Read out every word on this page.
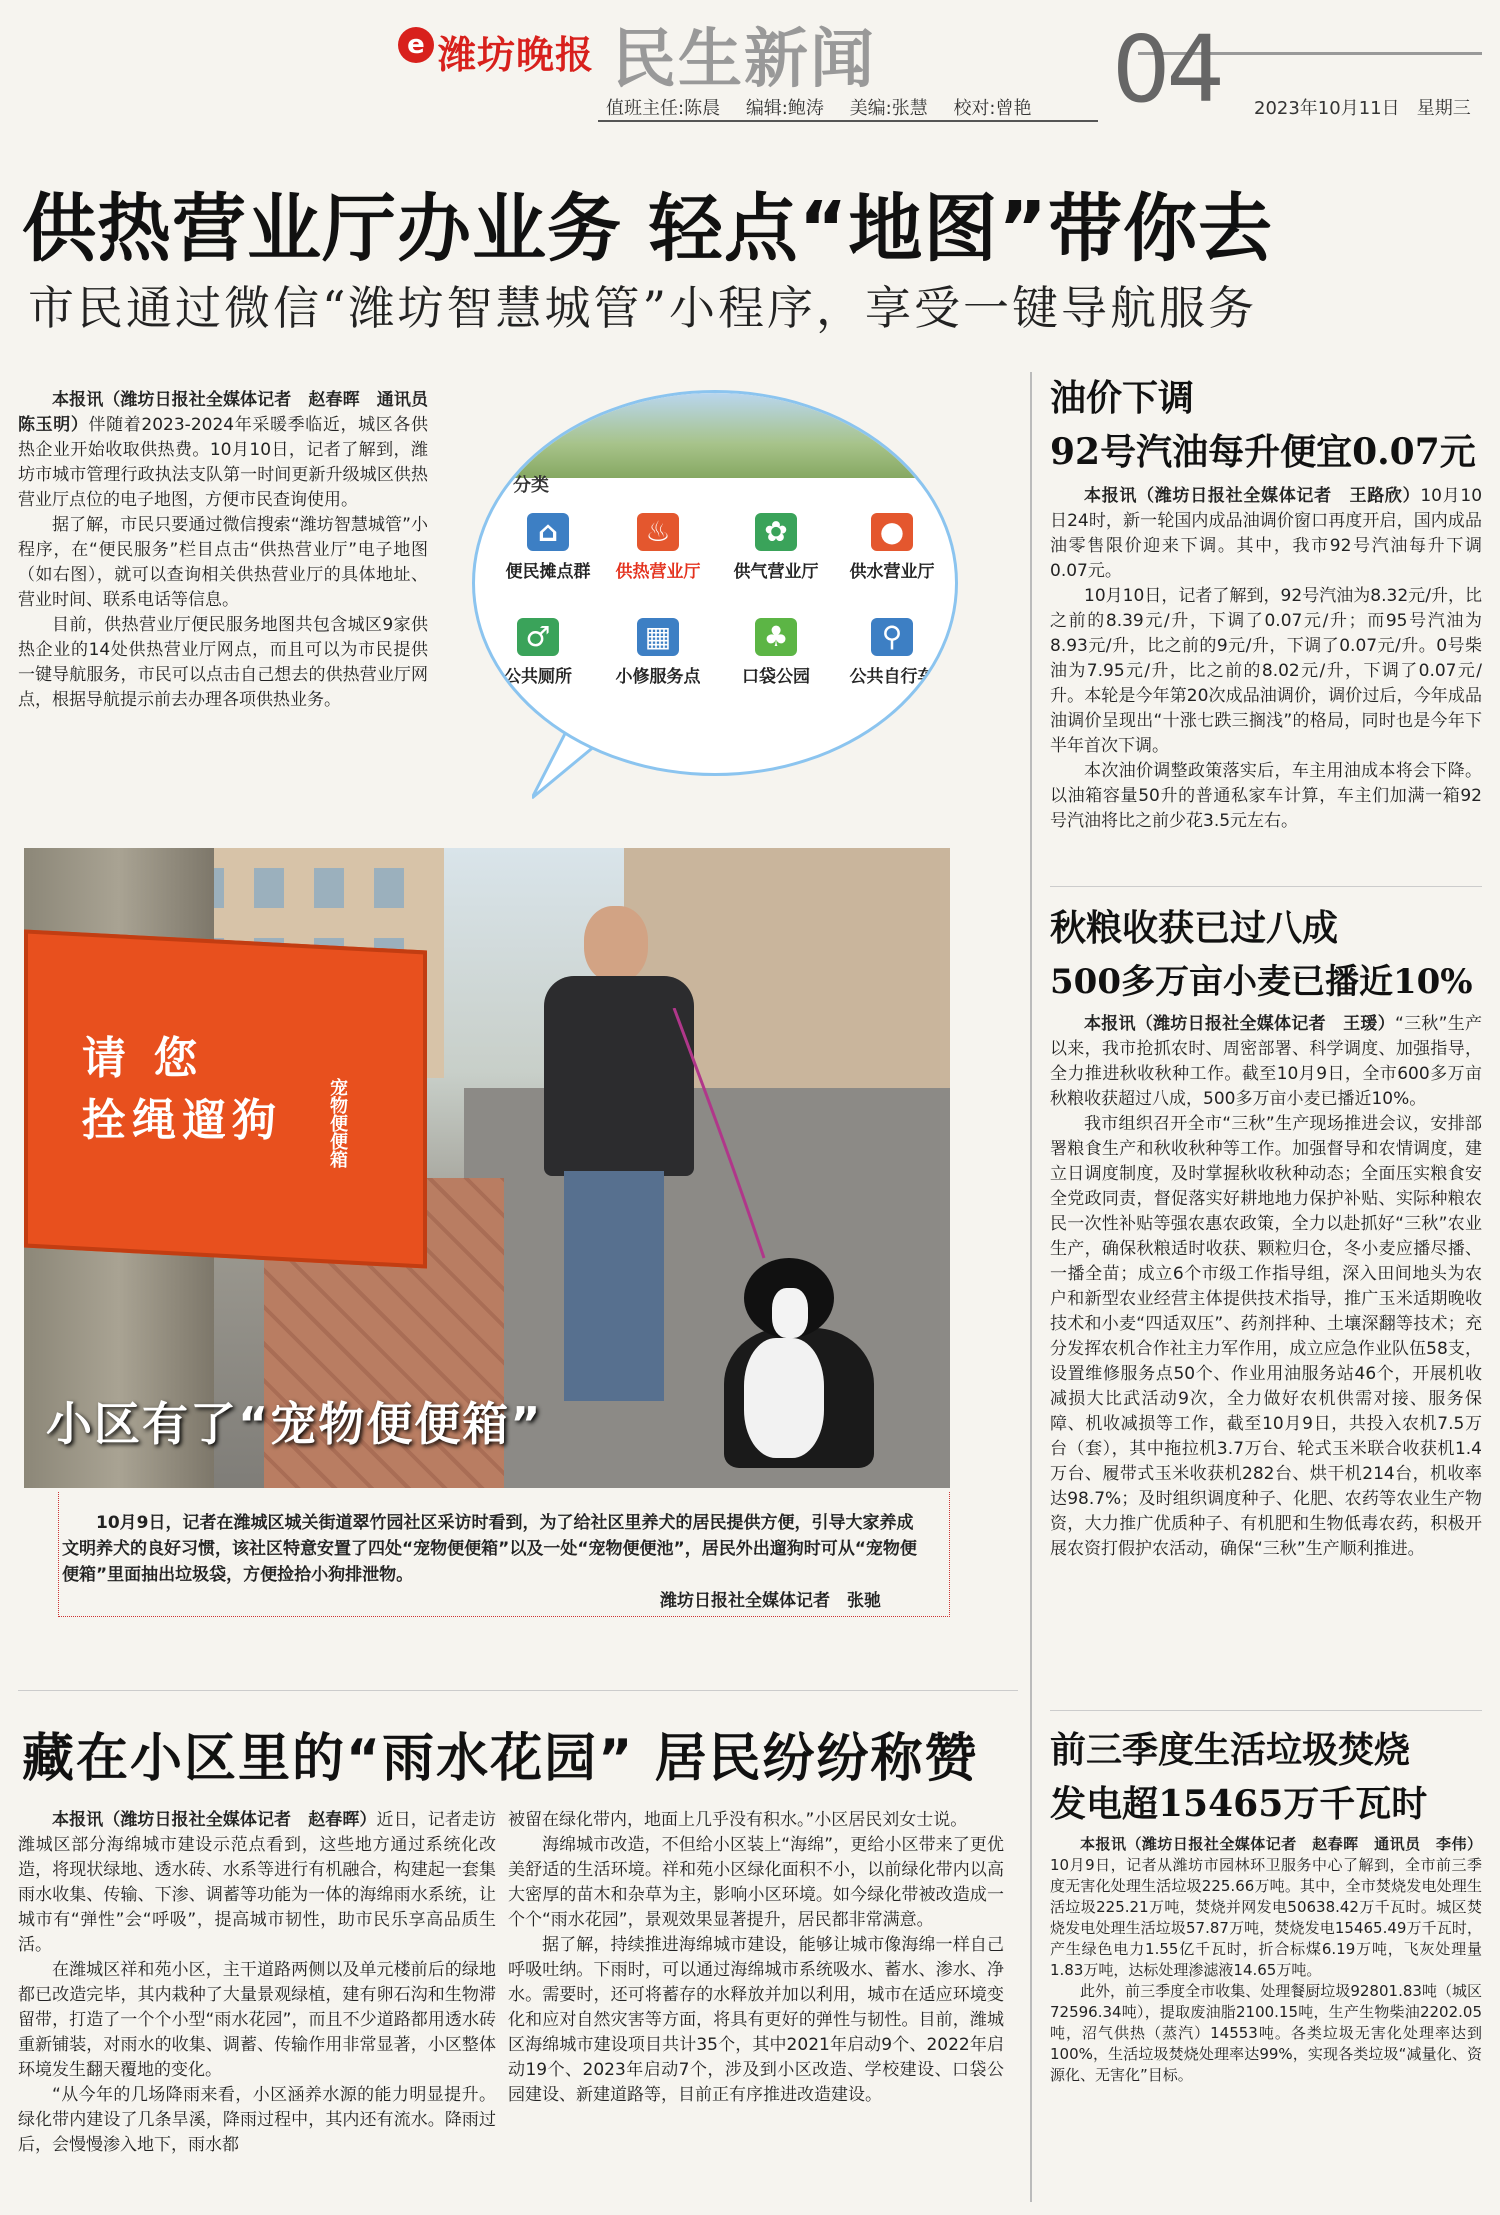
e 潍坊晚报 民生新闻	04
值班主任:陈晨 编辑:鲍涛 美编:张慧 校对:曾艳	2023年10月11日 星期三
供热营业厅办业务 轻点“地图”带你去
市民通过微信“潍坊智慧城管”小程序，享受一键导航服务

本报讯（潍坊日报社全媒体记者　赵春晖　通讯员　陈玉明）伴随着2023-2024年采暖季临近，城区各供热企业开始收取供热费。10月10日，记者了解到，潍坊市城市管理行政执法支队第一时间更新升级城区供热营业厅点位的电子地图，方便市民查询使用。

据了解，市民只要通过微信搜索“潍坊智慧城管”小程序，在“便民服务”栏目点击“供热营业厅”电子地图（如右图），就可以查询相关供热营业厅的具体地址、营业时间、联系电话等信息。

目前，供热营业厅便民服务地图共包含城区9家供热企业的14处供热营业厅网点，而且可以为市民提供一键导航服务，市民可以点击自己想去的供热营业厅网点，根据导航提示前去办理各项供热业务。

分类
⌂
便民摊点群
♨
供热营业厅
✿
供气营业厅
●
供水营业厅
♂
公共厕所
▦
小修服务点
♣
口袋公园
⚲
公共自行车
油价下调
92号汽油每升便宜0.07元

本报讯（潍坊日报社全媒体记者　王路欣）10月10日24时，新一轮国内成品油调价窗口再度开启，国内成品油零售限价迎来下调。其中，我市92号汽油每升下调0.07元。

10月10日，记者了解到，92号汽油为8.32元/升，比之前的8.39元/升，下调了0.07元/升；而95号汽油为8.93元/升，比之前的9元/升，下调了0.07元/升。0号柴油为7.95元/升，比之前的8.02元/升，下调了0.07元/升。本轮是今年第20次成品油调价，调价过后，今年成品油调价呈现出“十涨七跌三搁浅”的格局，同时也是今年下半年首次下调。

本次油价调整政策落实后，车主用油成本将会下降。以油箱容量50升的普通私家车计算，车主们加满一箱92号汽油将比之前少花3.5元左右。

秋粮收获已过八成
500多万亩小麦已播近10%

本报讯（潍坊日报社全媒体记者　王瑗）“三秋”生产以来，我市抢抓农时、周密部署、科学调度、加强指导，全力推进秋收秋种工作。截至10月9日，全市600多万亩秋粮收获超过八成，500多万亩小麦已播近10%。

我市组织召开全市“三秋”生产现场推进会议，安排部署粮食生产和秋收秋种等工作。加强督导和农情调度，建立日调度制度，及时掌握秋收秋种动态；全面压实粮食安全党政同责，督促落实好耕地地力保护补贴、实际种粮农民一次性补贴等强农惠农政策，全力以赴抓好“三秋”农业生产，确保秋粮适时收获、颗粒归仓，冬小麦应播尽播、一播全苗；成立6个市级工作指导组，深入田间地头为农户和新型农业经营主体提供技术指导，推广玉米适期晚收技术和小麦“四适双压”、药剂拌种、土壤深翻等技术；充分发挥农机合作社主力军作用，成立应急作业队伍58支，设置维修服务点50个、作业用油服务站46个，开展机收减损大比武活动9次，全力做好农机供需对接、服务保障、机收减损等工作，截至10月9日，共投入农机7.5万台（套），其中拖拉机3.7万台、轮式玉米联合收获机1.4万台、履带式玉米收获机282台、烘干机214台，机收率达98.7%；及时组织调度种子、化肥、农药等农业生产物资，大力推广优质种子、有机肥和生物低毒农药，积极开展农资打假护农活动，确保“三秋”生产顺利推进。

前三季度生活垃圾焚烧
发电超15465万千瓦时

本报讯（潍坊日报社全媒体记者　赵春晖　通讯员　李伟）10月9日，记者从潍坊市园林环卫服务中心了解到，全市前三季度无害化处理生活垃圾225.66万吨。其中，全市焚烧发电处理生活垃圾225.21万吨，焚烧并网发电50638.42万千瓦时。城区焚烧发电处理生活垃圾57.87万吨，焚烧发电15465.49万千瓦时，产生绿色电力1.55亿千瓦时，折合标煤6.19万吨，飞灰处理量1.83万吨，达标处理渗滤液14.65万吨。

此外，前三季度全市收集、处理餐厨垃圾92801.83吨（城区72596.34吨），提取废油脂2100.15吨，生产生物柴油2202.05吨，沼气供热（蒸汽）14553吨。各类垃圾无害化处理率达到100%，生活垃圾焚烧处理率达99%，实现各类垃圾“减量化、资源化、无害化”目标。

请 您
拴绳遛狗	宠物便便箱
小区有了“宠物便便箱”
10月9日，记者在潍城区城关街道翠竹园社区采访时看到，为了给社区里养犬的居民提供方便，引导大家养成文明养犬的良好习惯，该社区特意安置了四处“宠物便便箱”以及一处“宠物便便池”，居民外出遛狗时可从“宠物便便箱”里面抽出垃圾袋，方便捡拾小狗排泄物。
潍坊日报社全媒体记者　张驰
藏在小区里的“雨水花园” 居民纷纷称赞

本报讯（潍坊日报社全媒体记者　赵春晖）近日，记者走访潍城区部分海绵城市建设示范点看到，这些地方通过系统化改造，将现状绿地、透水砖、水系等进行有机融合，构建起一套集雨水收集、传输、下渗、调蓄等功能为一体的海绵雨水系统，让城市有“弹性”会“呼吸”，提高城市韧性，助市民乐享高品质生活。

在潍城区祥和苑小区，主干道路两侧以及单元楼前后的绿地都已改造完毕，其内栽种了大量景观绿植，建有卵石沟和生物滞留带，打造了一个个小型“雨水花园”，而且不少道路都用透水砖重新铺装，对雨水的收集、调蓄、传输作用非常显著，小区整体环境发生翻天覆地的变化。

“从今年的几场降雨来看，小区涵养水源的能力明显提升。绿化带内建设了几条旱溪，降雨过程中，其内还有流水。降雨过后，会慢慢渗入地下，雨水都

被留在绿化带内，地面上几乎没有积水。”小区居民刘女士说。

海绵城市改造，不但给小区装上“海绵”，更给小区带来了更优美舒适的生活环境。祥和苑小区绿化面积不小，以前绿化带内以高大密厚的苗木和杂草为主，影响小区环境。如今绿化带被改造成一个个“雨水花园”，景观效果显著提升，居民都非常满意。

据了解，持续推进海绵城市建设，能够让城市像海绵一样自己呼吸吐纳。下雨时，可以通过海绵城市系统吸水、蓄水、渗水、净水。需要时，还可将蓄存的水释放并加以利用，城市在适应环境变化和应对自然灾害等方面，将具有更好的弹性与韧性。目前，潍城区海绵城市建设项目共计35个，其中2021年启动9个、2022年启动19个、2023年启动7个，涉及到小区改造、学校建设、口袋公园建设、新建道路等，目前正有序推进改造建设。
